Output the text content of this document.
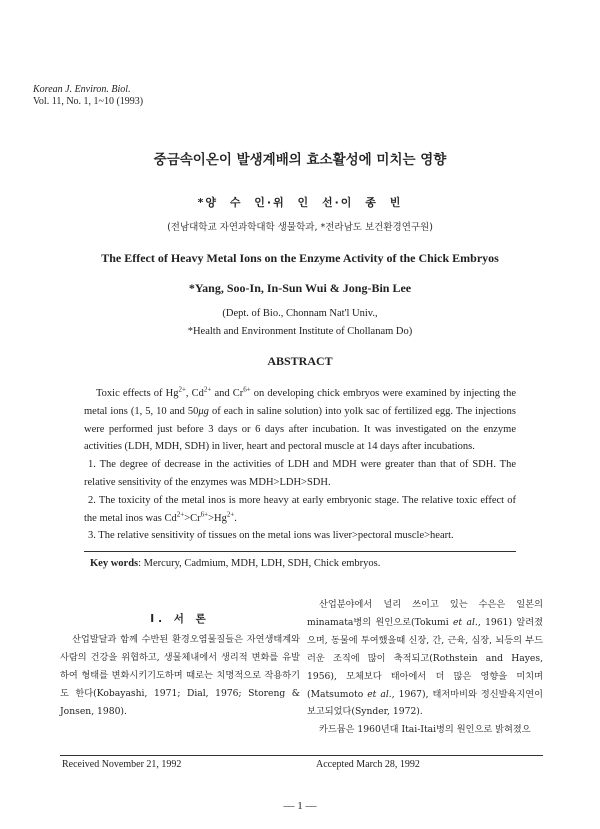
Korean J. Environ. Biol.
Vol. 11, No. 1, 1~10 (1993)
중금속이온이 발생계배의 효소활성에 미치는 영향
*양 수 인·위 인 선·이 종 빈
(전남대학교 자연과학대학 생물학과, *전라남도 보건환경연구원)
The Effect of Heavy Metal Ions on the Enzyme Activity of the Chick Embryos
*Yang, Soo-In, In-Sun Wui & Jong-Bin Lee
(Dept. of Bio., Chonnam Nat'l Univ.,
*Health and Environment Institute of Chollanam Do)
ABSTRACT

Toxic effects of $Hg^{2+}$, $Cd^{2+}$ and $Cr^{6+}$ on developing chick embryos were examined by injecting the metal ions (1, 5, 10 and 50μg of each in saline solution) into yolk sac of fertilized egg. The injections were performed just before 3 days or 6 days after incubation. It was investigated on the enzyme activities (LDH, MDH, SDH) in liver, heart and pectoral muscle at 14 days after incubations.

1. The degree of decrease in the activities of LDH and MDH were greater than that of SDH. The relative sensitivity of the enzymes was MDH>LDH>SDH.

2. The toxicity of the metal inos is more heavy at early embryonic stage. The relative toxic effect of the metal inos was $Cd^{2+}>Cr^{6+}>Hg^{2+}$.

3. The relative sensitivity of tissues on the metal ions was liver>pectoral muscle>heart.

Key words: Mercury, Cadmium, MDH, LDH, SDH, Chick embryos.
I. 서 론

산업발달과 함께 수반된 환경오염물질들은 자연생태계와 사람의 건강을 위협하고, 생물체내에서 생리적 변화를 유발하여 형태를 변화시키기도하며 때로는 치명적으로 작용하기도 한다(Kobayashi, 1971; Dial, 1976; Storeng & Jonsen, 1980).

산업분야에서 널리 쓰이고 있는 수은은 일본의 minamata병의 원인으로(Tokumi et al., 1961) 알려졌으며, 동물에 투여했을때 신장, 간, 근육, 심장, 뇌등의 부드러운 조직에 많이 축적되고(Rothstein and Hayes, 1956), 모체보다 태아에서 더 많은 영향을 미치며(Matsumoto et al., 1967), 태저마비와 정신발육지연이 보고되었다(Synder, 1972).

카드뮴은 1960년대 Itai-Itai병의 원인으로 밝혀졌으

Received November 21, 1992	Accepted March 28, 1992
— 1 —
